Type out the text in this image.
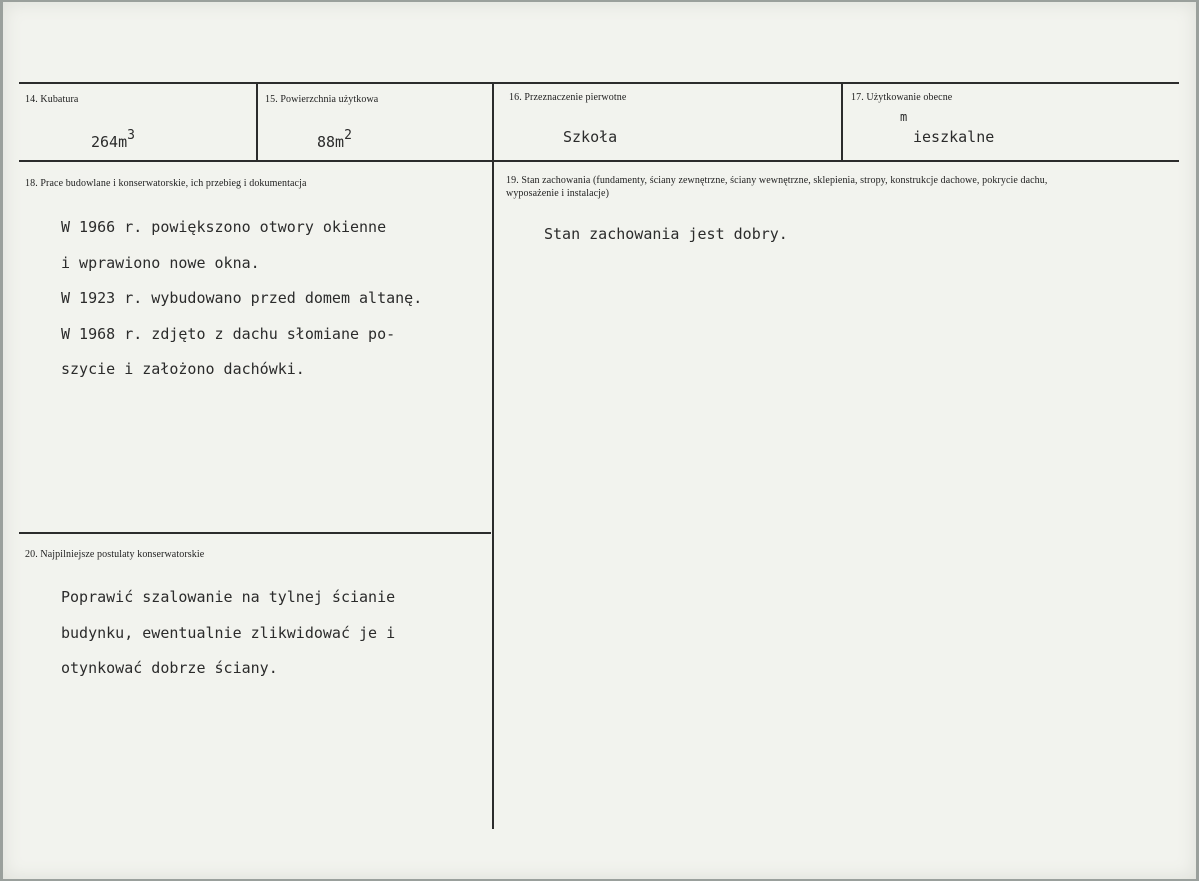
14. Kubatura
$264m^3$
15. Powierzchnia użytkowa
$88m^2$
16. Przeznaczenie pierwotne
Szkoła
17. Użytkowanie obecne
m
ieszkalne
18. Prace budowlane i konserwatorskie, ich przebieg i dokumentacja
W 1966 r. powiększono otwory okienne
i wprawiono nowe okna.
W 1923 r. wybudowano przed domem altanę.
W 1968 r. zdjęto z dachu słomiane po-
szycie i założono dachówki.
19. Stan zachowania (fundamenty, ściany zewnętrzne, ściany wewnętrzne, sklepienia, stropy, konstrukcje dachowe, pokrycie dachu, wyposażenie i instalacje)
Stan zachowania jest dobry.
20. Najpilniejsze postulaty konserwatorskie
Poprawić szalowanie na tylnej ścianie
budynku, ewentualnie zlikwidować je i
otynkować dobrze ściany.
